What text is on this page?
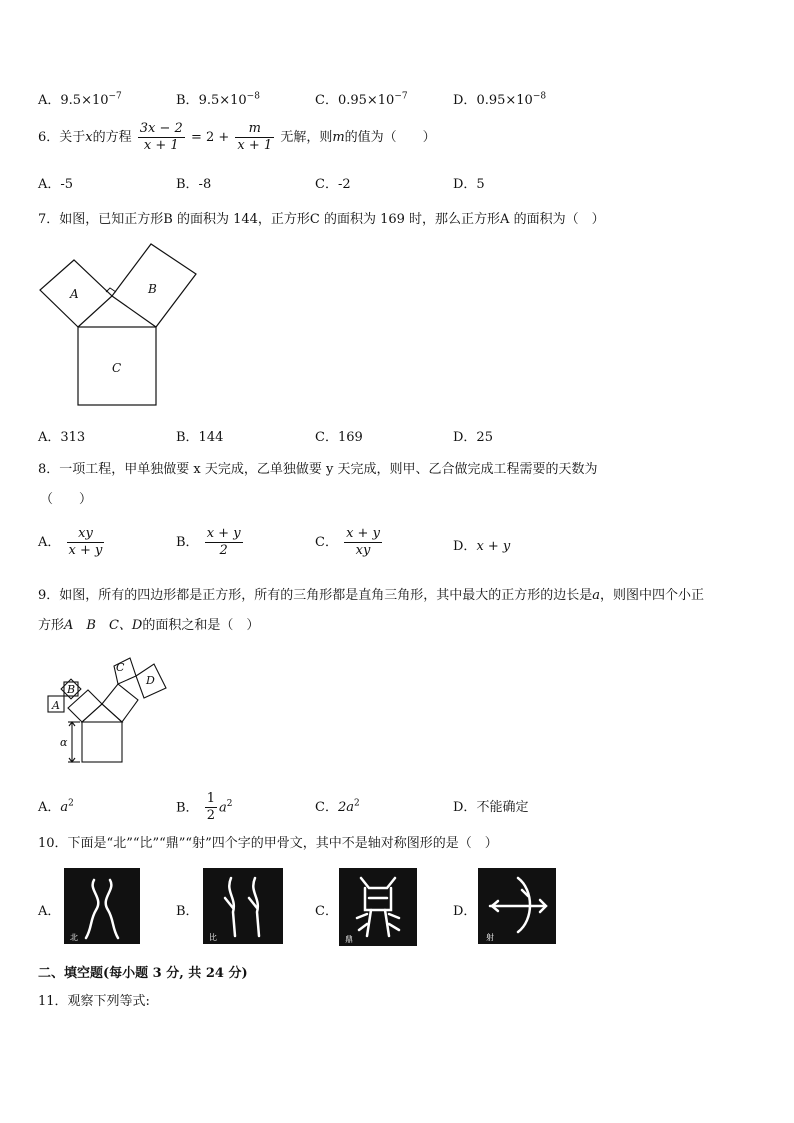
A．$9.5\times 10^{-7}$	B．$9.5\times 10^{-8}$	C．$0.95\times 10^{-7}$	D．$0.95\times 10^{-8}$
6．关于x的方程 $\frac{3x - 2}{x + 1} = 2 + \frac{m}{x + 1}$ 无解，则m的值为（　　）
A．-5	B．-8	C．-2	D．5
7．如图，已知正方形B 的面积为 144，正方形C 的面积为 169 时，那么正方形A 的面积为（　）
A	B
C
A．313	B．144	C．169	D．25
8．一项工程，甲单独做要 x 天完成，乙单独做要 y 天完成，则甲、乙合做完成工程需要的天数为
（　　）
A． $\frac{xy}{x + y}$	B． $\frac{x + y}{2}$	C． $\frac{x + y}{xy}$	D．x + y
9．如图，所有的四边形都是正方形，所有的三角形都是直角三角形，其中最大的正方形的边长是a，则图中四个小正
方形A　B　C、D的面积之和是（　）
A
B
C
D
α
A．$a^2$	B． $\frac{1}{2} a^2$	C．$2a^2$	D．不能确定
10．下面是“北”“比”“鼎”“射”四个字的甲骨文，其中不是轴对称图形的是（　）
A．
北
B．
比
C．
鼎
D．
射
二、填空题(每小题 3 分, 共 24 分)
11．观察下列等式:
